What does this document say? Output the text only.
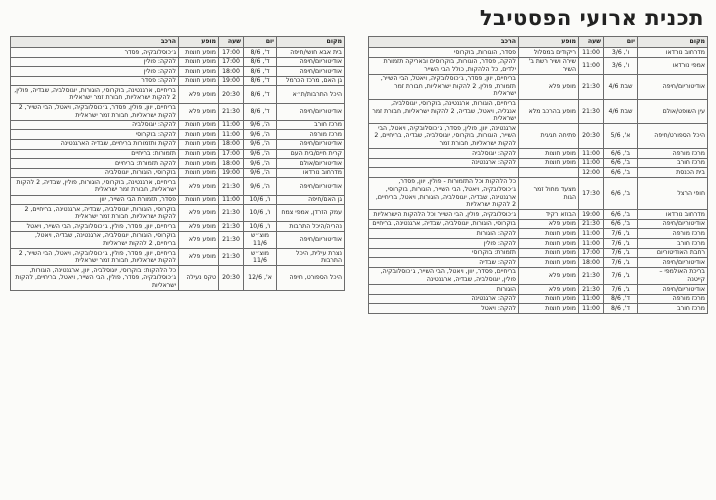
תכנית ארועי הפסטיבל
מקום	יום	שעה	מופע	הרכב
מדרחוב נורדאו	ו', 3/6	11:00	ריקודים במסלול	פסדר, הוגורות, בוקרוסי
אמפי נורדאו	ו', 3/6	11:00	שירה ושיר רשת ב' השיר	להקה, פסדר, הוגורות, בוקרוסים ובאריקה תזמורת ילדים, כל הלהקות, כולל הבי השייר
אודיטוריום/חיפה	שבת 4/6	21:30	מופע פלא	בריחיים, יוון, פסדר, ג׳כוסלובקיה, ויאטל, הבי השייר, תזמורת, פולין, 2 להקות ישראליות, חבורת זמר ישראלית
עין השופט/אולם	שבת 4/6	21:30	מופע בהרכב מלא	בריחיים, הוגורות, ארגנטינה, בוקרוסי, יוגוסלביה, אנגליה, ויאטל, שבדיה, 2 להקות ישראליות, חבורת זמר ישראלית
היכל הספורט/חיפה	א', 5/6	20:30	פתיחה חגיגית	ארגנטינה, יוון, פולין, פסדר, ג׳כוסלובקיה, ויאטל, הבי השייר, הוגורות, בוקרוסי, יוגוסלביה, שבדיה, בריחיים, 2 להקות ישראליות, חבורת זמר
מרכז מורפה	ב', 6/6	11:00	מופע חוצות	להקה: יוגוסלביה
מרכז חורב	ב', 6/6	11:00	מופע חוצות	להקה: ארגנטינה
בית הכנסת	ב', 6/6	12:00		
חופי הרצל	ב', 6/6	17:30	מצעד מחול זמר הגות	כל הלהקות וכל התזמורות - פולין, יוון, פסדר, ג׳כוסלובקיה, ויאטל, הבי השייר, הוגורות, בוקרוסי, ארגנטינה, שבדיה, יוגוסלביה, הוגורות, ויאטל, בריחיים, 2 להקות ישראליות
מדרחוב נורדאו	ב', 6/6	19:00	הבוזא רקיד	ג׳כוסלובקיה, פולין, הבי השייר וכל הלהקות הישראליות
אודיטוריום/חיפה	ב', 6/6	21:30	מופע פלא	בוקרוסי, הוגורות, יוגוסלביה, שבדיה, ארגנטינה, בריחיים
מרכז מורפה	ג', 7/6	11:00	מופע חוצות	להקה: הוגורות
מרכז חורב	ג', 7/6	11:00	מופע חוצות	להקה: פולין
רחבת האודיטוריום	ג', 7/6	17:00	מופע חוצות	תזמורת: בוקרוסי
אודיטוריום/חיפה	ג', 7/6	18:00	מופע חוצות	להקה: שבדיה
בריכת האולמפי – קייטנה	ג', 7/6	21:30	מופע פלא	בריחיים, פסדר, יוון, ויאטל, הבי השייר, ג׳כוסלובקיה, פולין, יוגוסלביה, שבדיה, ארגנטינה
אודיטוריום/חיפה	ג', 7/6	21:30	מופע פלא	הוגורות
מרכז מורפה	ד', 8/6	11:00	מופע חוצות	להקה: ארגנטינה
מרכז חורב	ד', 8/6	11:00	מופע חוצות	להקה: ויאטל
מקום	יום	שעה	מופע	הרכב
בית אבא חושי/חיפה	ד', 8/6	17:00	מופע חוצות	ג׳כוסלובקיה, פסדר
אודיטוריום/חיפה	ד', 8/6	17:00	מופע חוצות	להקה: פולין
אודיטוריום/חיפה	ד', 8/6	18:00	מופע חוצות	להקה: פולין
גן האם, מרכז הכרמל	ד', 8/6	19:00	מופע חוצות	להקה: פסדר
היכל התרבות/ת״א	ד', 8/6	20:30	מופע פלא	בריחיים, ארגנטינה, בוקרוסי, הוגורות, יוגוסלביה, שבדיה, פולין, 2 להקות ישראליות, חבורת זמר ישראלית
אודיטוריום/חיפה	ד', 8/6	21:30	מופע פלא	בריחיים, יוון, פולין, פסדר, ג׳כוסלובקיה, ויאטל, הבי השייר, 2 להקות ישראליות, חבורת זמר ישראלית
מרכז חורב	ה', 9/6	11:00	מופע חוצות	להקה: יוגוסלביה
מרכז מורפה	ה', 9/6	11:00	מופע חוצות	להקה: בוקרוסי
אודיטוריום/חיפה	ה', 9/6	18:00	מופע חוצות	להקות ותזמורות בריחיים, שבדיה הארגנטינה
קרית חיים/בית העם	ה', 9/6	17:00	מופע חוצות	תזמורות: בריחיים
אודיטוריום/אולם	ה', 9/6	18:00	מופע חוצות	להקה תזמורת: בריחיים
מדרחוב נורדאו	ה', 9/6	19:00	מופע חוצות	בוקרוסי, הוגורות, יוגוסלביה
אודיטוריום/חיפה	ה', 9/6	21:30	מופע פלא	בריחיים, ארגנטינה, בוקרוסי, הוגורות, פולין, שבדיה, 2 להקות ישראליות, חבורת זמר ישראלית
גן האם/חיפה	ו', 10/6	11:00	מופע חוצות	פסדר, תזמורת הבי השייר, יוון
עמק הזרדן, אמפי צמח	ו', 10/6	21:30	מופע פלא	בוקרוסי, הוגורות, יוגוסלביה, שבדיה, ארגנטינה, בריחיים, 2 להקות ישראליות, חבורת זמר ישראלית
נהריה/היכל התרבות	ו', 10/6	21:30	מופע פלא	בריחיים, יוון, פסדר, פולין, ג׳כוסלובקיה, הבי השייר, ויאטל
אודיטוריום/חיפה	מוצ״ש 11/6	21:30	מופע פלא	בוקרוסי, הוגורות, יוגוסלביה, ארגנטינה, שבדיה, ויאטל, בריחיים, 2 להקות ישראליות
נצרת עילית, היכל התרבות	מוצ״ש 11/6	21:30	מופע פלא	בריחיים, יוון, פסדר, פולין, ג׳כוסלובקיה, ויאטל, הבי השייר, 2 להקות ישראליות, חבורת זמר ישראלית
היכל הספורט, חיפה	א', 12/6	20:30	טקס נעילה	כל הלהקות: בוקרוסי, יוגוסלביה, יוון, ארגנטינה, הוגורות, ג׳כוסלובקיה, פסדר, פולין, הבי השייר, ויאטל, בריחיים, להקות ישראליות
